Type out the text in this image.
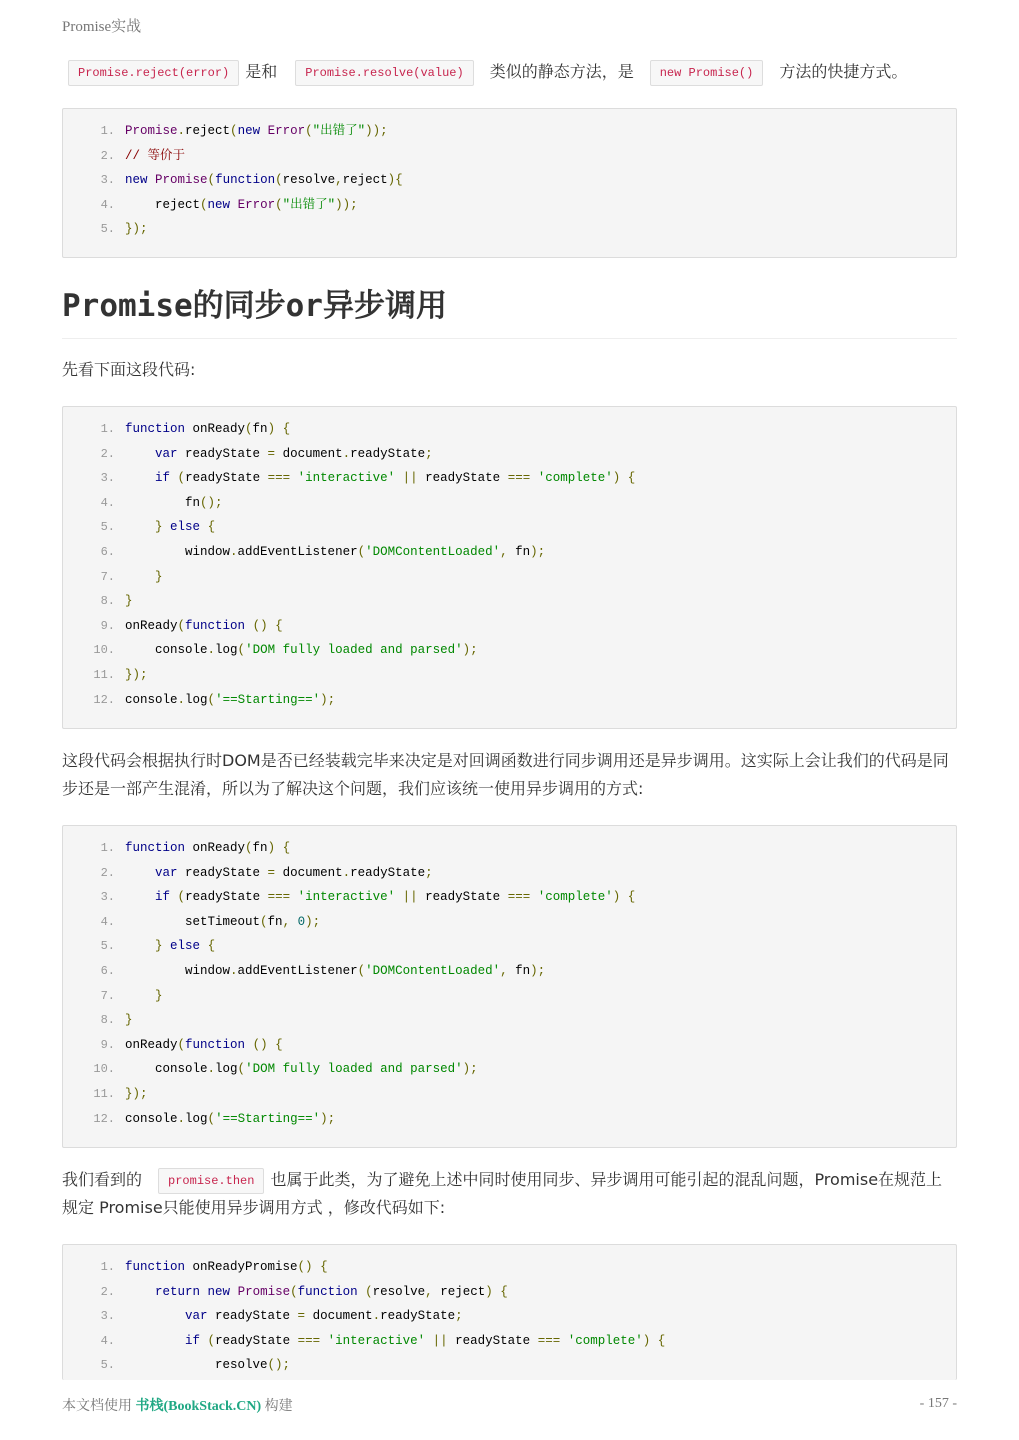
Promise实战
Promise.reject(error) 是和 Promise.resolve(value) 类似的静态方法，是 new Promise() 方法的快捷方式。
1. Promise.reject(new Error("出错了"));
2. // 等价于
3. new Promise(function(resolve,reject){
4.    reject(new Error("出错了"));
5. });
Promise的同步or异步调用
先看下面这段代码:
1. function onReady(fn) {
2.	var readyState = document.readyState;
3.	if (readyState === 'interactive' || readyState === 'complete') {
4.        fn();
5.	} else {
6.        window.addEventListener('DOMContentLoaded', fn);
7.	}
8. }
9. onReady(function () {
10.    console.log('DOM fully loaded and parsed');
11. });
12. console.log('==Starting==');
这段代码会根据执行时DOM是否已经装载完毕来决定是对回调函数进行同步调用还是异步调用。这实际上会让我们的代码是同步还是一部产生混淆，所以为了解决这个问题，我们应该统一使用异步调用的方式:
1. function onReady(fn) {
2.	var readyState = document.readyState;
3.	if (readyState === 'interactive' || readyState === 'complete') {
4.        setTimeout(fn, 0);
5.	} else {
6.        window.addEventListener('DOMContentLoaded', fn);
7.	}
8. }
9. onReady(function () {
10.    console.log('DOM fully loaded and parsed');
11. });
12. console.log('==Starting==');
我们看到的 promise.then 也属于此类，为了避免上述中同时使用同步、异步调用可能引起的混乱问题，Promise在规范上规定 Promise只能使用异步调用方式 ，修改代码如下:
1. function onReadyPromise() {
2.	return new Promise(function (resolve, reject) {
3.	var readyState = document.readyState;
4.	if (readyState === 'interactive' || readyState === 'complete') {
5.            resolve();
本文档使用 书栈(BookStack.CN) 构建	- 157 -
